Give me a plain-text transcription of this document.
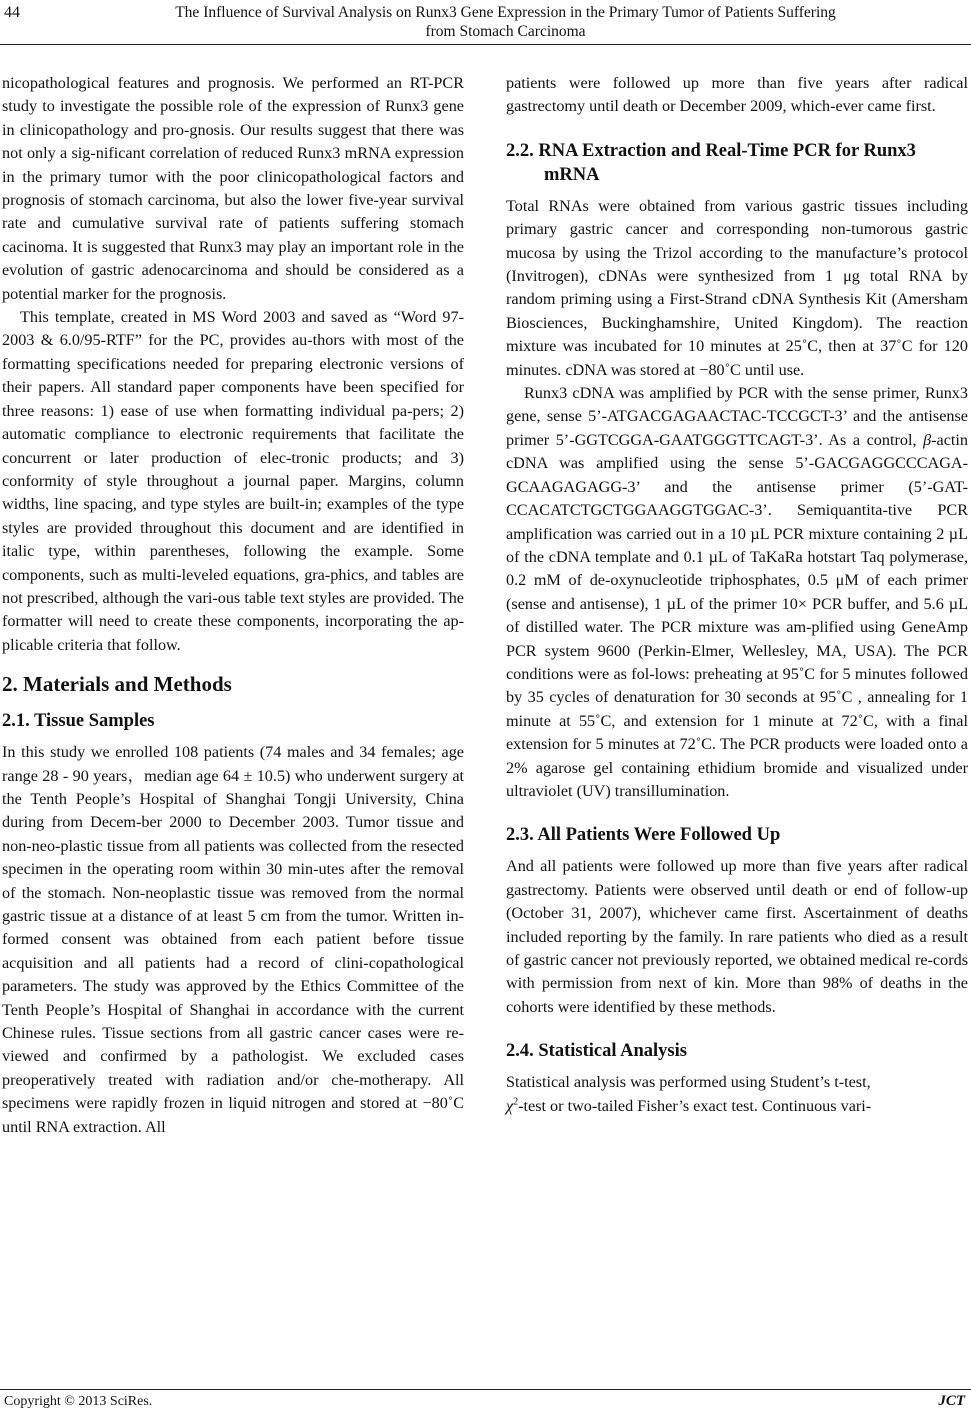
44	The Influence of Survival Analysis on Runx3 Gene Expression in the Primary Tumor of Patients Suffering
from Stomach Carcinoma

nicopathological features and prognosis. We performed an RT-PCR study to investigate the possible role of the expression of Runx3 gene in clinicopathology and pro-gnosis. Our results suggest that there was not only a sig-nificant correlation of reduced Runx3 mRNA expression in the primary tumor with the poor clinicopathological factors and prognosis of stomach carcinoma, but also the lower five-year survival rate and cumulative survival rate of patients suffering stomach cacinoma. It is suggested that Runx3 may play an important role in the evolution of gastric adenocarcinoma and should be considered as a potential marker for the prognosis.

This template, created in MS Word 2003 and saved as “Word 97-2003 & 6.0/95-RTF” for the PC, provides au-thors with most of the formatting specifications needed for preparing electronic versions of their papers. All standard paper components have been specified for three reasons: 1) ease of use when formatting individual pa-pers; 2) automatic compliance to electronic requirements that facilitate the concurrent or later production of elec-tronic products; and 3) conformity of style throughout a journal paper. Margins, column widths, line spacing, and type styles are built-in; examples of the type styles are provided throughout this document and are identified in italic type, within parentheses, following the example. Some components, such as multi-leveled equations, gra-phics, and tables are not prescribed, although the vari-ous table text styles are provided. The formatter will need to create these components, incorporating the ap-plicable criteria that follow.

2. Materials and Methods
2.1. Tissue Samples

In this study we enrolled 108 patients (74 males and 34 females; age range 28 - 90 years，median age 64 ± 10.5) who underwent surgery at the Tenth People’s Hospital of Shanghai Tongji University, China during from Decem-ber 2000 to December 2003. Tumor tissue and non-neo-plastic tissue from all patients was collected from the resected specimen in the operating room within 30 min-utes after the removal of the stomach. Non-neoplastic tissue was removed from the normal gastric tissue at a distance of at least 5 cm from the tumor. Written in-formed consent was obtained from each patient before tissue acquisition and all patients had a record of clini-copathological parameters. The study was approved by the Ethics Committee of the Tenth People’s Hospital of Shanghai in accordance with the current Chinese rules. Tissue sections from all gastric cancer cases were re-viewed and confirmed by a pathologist. We excluded cases preoperatively treated with radiation and/or che-motherapy. All specimens were rapidly frozen in liquid nitrogen and stored at −80˚C until RNA extraction. All

patients were followed up more than five years after radical gastrectomy until death or December 2009, which-ever came first.

2.2. RNA Extraction and Real-Time PCR for Runx3 mRNA

Total RNAs were obtained from various gastric tissues including primary gastric cancer and corresponding non-tumorous gastric mucosa by using the Trizol according to the manufacture’s protocol (Invitrogen), cDNAs were synthesized from 1 μg total RNA by random priming using a First-Strand cDNA Synthesis Kit (Amersham Biosciences, Buckinghamshire, United Kingdom). The reaction mixture was incubated for 10 minutes at 25˚C, then at 37˚C for 120 minutes. cDNA was stored at −80˚C until use.

Runx3 cDNA was amplified by PCR with the sense primer, Runx3 gene, sense 5’-ATGACGAGAACTAC-TCCGCT-3’ and the antisense primer 5’-GGTCGGA-GAATGGGTTCAGT-3’. As a control, β-actin cDNA was amplified using the sense 5’-GACGAGGCCCAGA-GCAAGAGAGG-3’ and the antisense primer (5’-GAT-CCACATCTGCTGGAAGGTGGAC-3’. Semiquantita-tive PCR amplification was carried out in a 10 µL PCR mixture containing 2 µL of the cDNA template and 0.1 µL of TaKaRa hotstart Taq polymerase, 0.2 mM of de-oxynucleotide triphosphates, 0.5 μM of each primer (sense and antisense), 1 µL of the primer 10× PCR buffer, and 5.6 µL of distilled water. The PCR mixture was am-plified using GeneAmp PCR system 9600 (Perkin-Elmer, Wellesley, MA, USA). The PCR conditions were as fol-lows: preheating at 95˚C for 5 minutes followed by 35 cycles of denaturation for 30 seconds at 95˚C , annealing for 1 minute at 55˚C, and extension for 1 minute at 72˚C, with a final extension for 5 minutes at 72˚C. The PCR products were loaded onto a 2% agarose gel containing ethidium bromide and visualized under ultraviolet (UV) transillumination.

2.3. All Patients Were Followed Up

And all patients were followed up more than five years after radical gastrectomy. Patients were observed until death or end of follow-up (October 31, 2007), whichever came first. Ascertainment of deaths included reporting by the family. In rare patients who died as a result of gastric cancer not previously reported, we obtained medical re-cords with permission from next of kin. More than 98% of deaths in the cohorts were identified by these methods.

2.4. Statistical Analysis

Statistical analysis was performed using Student’s t-test,
$\chi^2$-test or two-tailed Fisher’s exact test. Continuous vari-

Copyright © 2013 SciRes.	JCT
